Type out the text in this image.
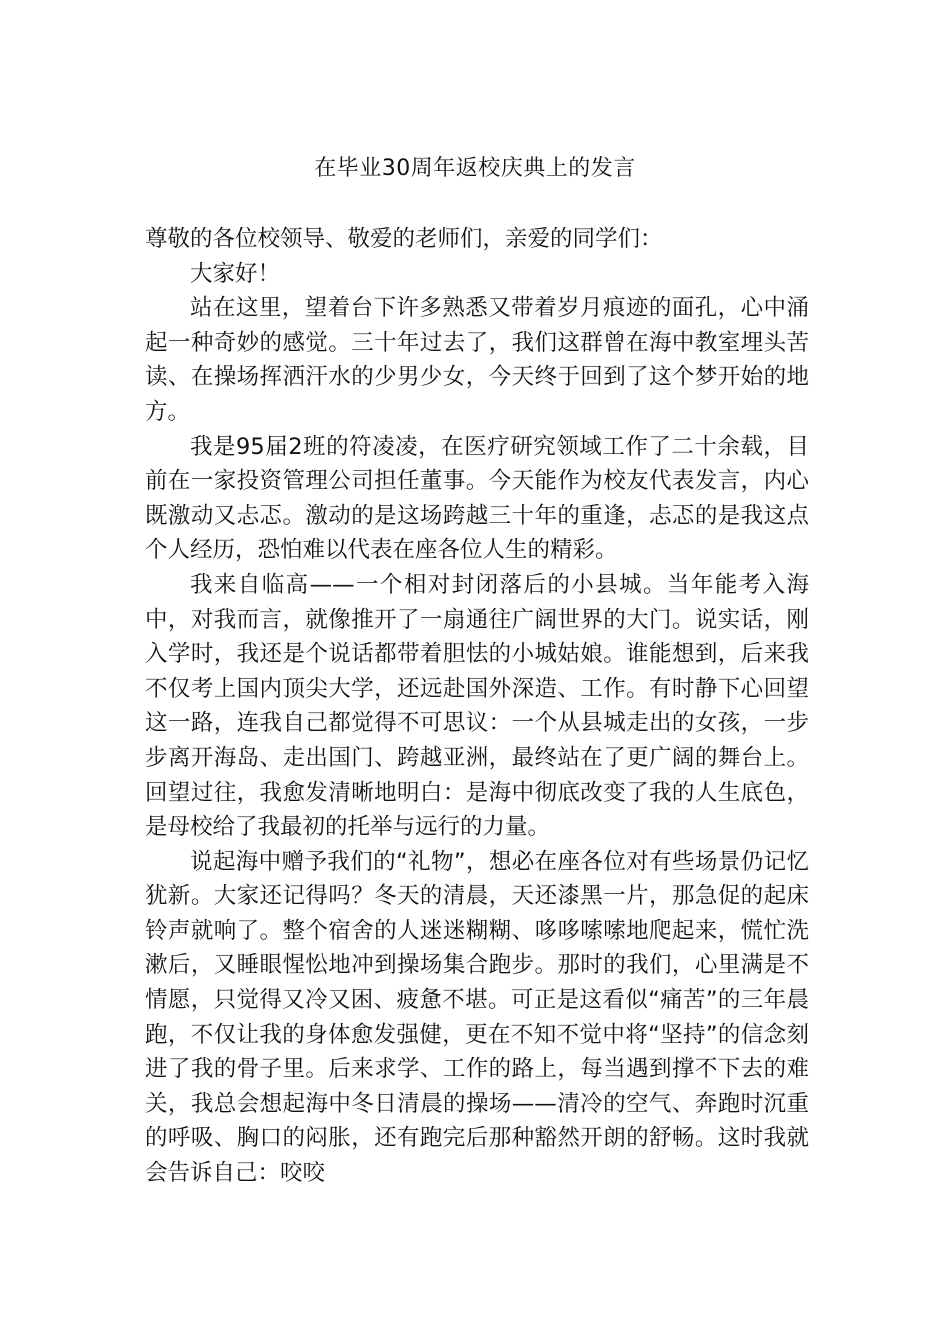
在毕业30周年返校庆典上的发言

尊敬的各位校领导、敬爱的老师们，亲爱的同学们：

大家好！

站在这里，望着台下许多熟悉又带着岁月痕迹的面孔，心中涌起一种奇妙的感觉。三十年过去了，我们这群曾在海中教室埋头苦读、在操场挥洒汗水的少男少女，今天终于回到了这个梦开始的地方。

我是95届2班的符凌凌，在医疗研究领域工作了二十余载，目前在一家投资管理公司担任董事。今天能作为校友代表发言，内心既激动又忐忑。激动的是这场跨越三十年的重逢，忐忑的是我这点个人经历，恐怕难以代表在座各位人生的精彩。

我来自临高——一个相对封闭落后的小县城。当年能考入海中，对我而言，就像推开了一扇通往广阔世界的大门。说实话，刚入学时，我还是个说话都带着胆怯的小城姑娘。谁能想到，后来我不仅考上国内顶尖大学，还远赴国外深造、工作。有时静下心回望这一路，连我自己都觉得不可思议：一个从县城走出的女孩，一步步离开海岛、走出国门、跨越亚洲，最终站在了更广阔的舞台上。回望过往，我愈发清晰地明白：是海中彻底改变了我的人生底色，是母校给了我最初的托举与远行的力量。

说起海中赠予我们的“礼物”，想必在座各位对有些场景仍记忆犹新。大家还记得吗？冬天的清晨，天还漆黑一片，那急促的起床铃声就响了。整个宿舍的人迷迷糊糊、哆哆嗦嗦地爬起来，慌忙洗漱后，又睡眼惺忪地冲到操场集合跑步。那时的我们，心里满是不情愿，只觉得又冷又困、疲惫不堪。可正是这看似“痛苦”的三年晨跑，不仅让我的身体愈发强健，更在不知不觉中将“坚持”的信念刻进了我的骨子里。后来求学、工作的路上，每当遇到撑不下去的难关，我总会想起海中冬日清晨的操场——清冷的空气、奔跑时沉重的呼吸、胸口的闷胀，还有跑完后那种豁然开朗的舒畅。这时我就会告诉自己：咬咬
